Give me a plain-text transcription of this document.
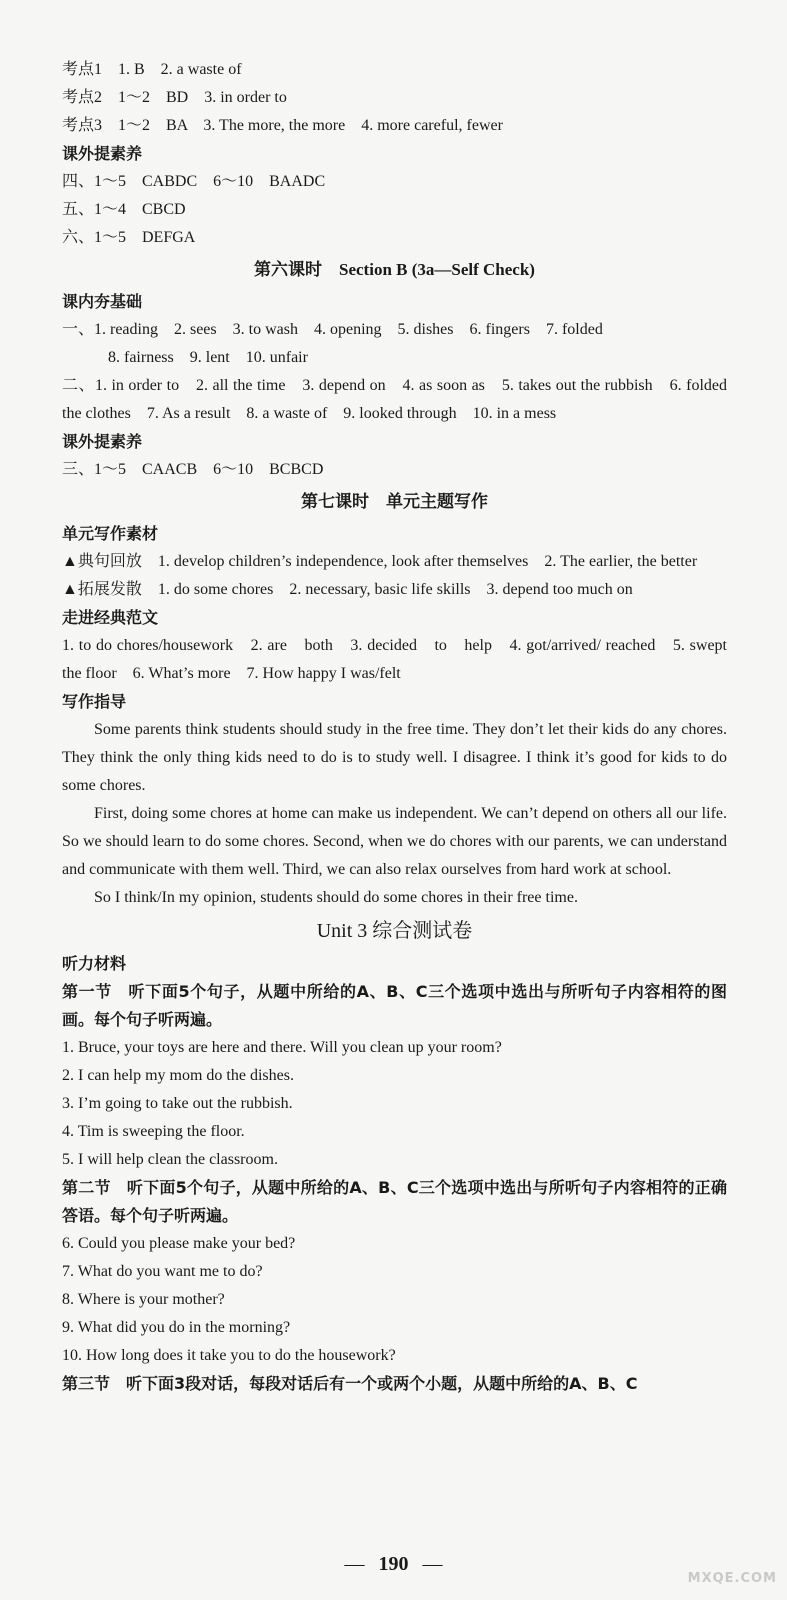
考点1　1. B　2. a waste of
考点2　1～2　BD　3. in order to
考点3　1～2　BA　3. The more, the more　4. more careful, fewer
课外提素养
四、1～5　CABDC　6～10　BAADC
五、1～4　CBCD
六、1～5　DEFGA
第六课时　Section B (3a—Self Check)
课内夯基础
一、1. reading　2. sees　3. to wash　4. opening　5. dishes　6. fingers　7. folded
8. fairness　9. lent　10. unfair
二、1. in order to　2. all the time　3. depend on　4. as soon as　5. takes out the rubbish　6. folded the clothes　7. As a result　8. a waste of　9. looked through　10. in a mess
课外提素养
三、1～5　CAACB　6～10　BCBCD
第七课时　单元主题写作
单元写作素材
▲典句回放　1. develop children’s independence, look after themselves　2. The earlier, the better
▲拓展发散　1. do some chores　2. necessary, basic life skills　3. depend too much on
走进经典范文
1. to do chores/housework　2. are　both　3. decided　to　help　4. got/arrived/ reached　5. swept the floor　6. What’s more　7. How happy I was/felt
写作指导
Some parents think students should study in the free time. They don’t let their kids do any chores. They think the only thing kids need to do is to study well. I disagree. I think it’s good for kids to do some chores.
First, doing some chores at home can make us independent. We can’t depend on others all our life. So we should learn to do some chores. Second, when we do chores with our parents, we can understand and communicate with them well. Third, we can also relax ourselves from hard work at school.
So I think/In my opinion, students should do some chores in their free time.
Unit 3 综合测试卷
听力材料
第一节　听下面5个句子，从题中所给的A、B、C三个选项中选出与所听句子内容相符的图画。每个句子听两遍。
1. Bruce, your toys are here and there. Will you clean up your room?
2. I can help my mom do the dishes.
3. I’m going to take out the rubbish.
4. Tim is sweeping the floor.
5. I will help clean the classroom.
第二节　听下面5个句子，从题中所给的A、B、C三个选项中选出与所听句子内容相符的正确答语。每个句子听两遍。
6. Could you please make your bed?
7. What do you want me to do?
8. Where is your mother?
9. What did you do in the morning?
10. How long does it take you to do the housework?
第三节　听下面3段对话，每段对话后有一个或两个小题，从题中所给的A、B、C
— 190 —
MXQE.COM
